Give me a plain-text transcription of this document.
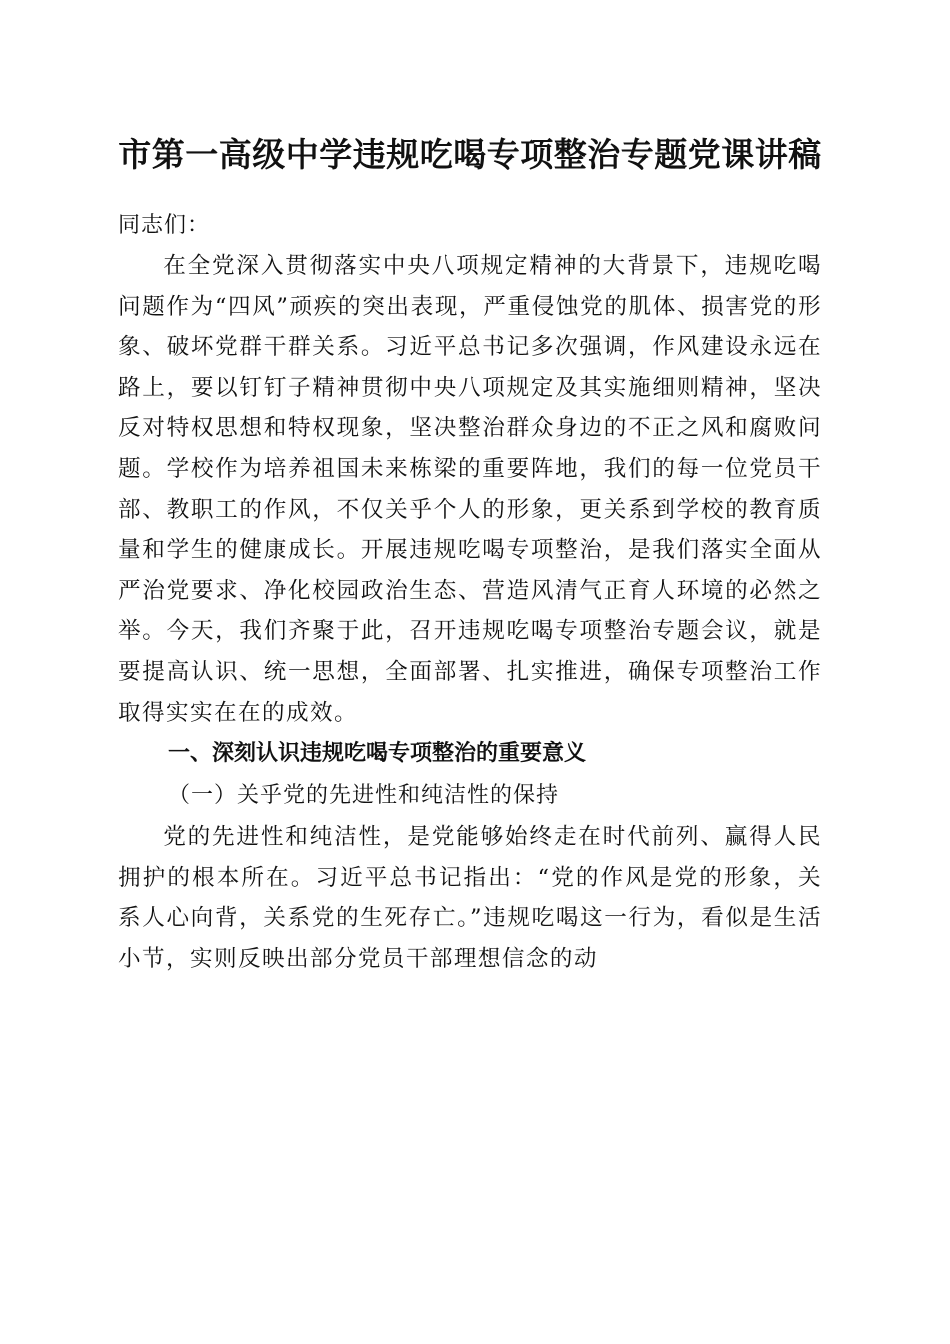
市第一高级中学违规吃喝专项整治专题党课讲稿

同志们：

在全党深入贯彻落实中央八项规定精神的大背景下，违规吃喝问题作为“四风”顽疾的突出表现，严重侵蚀党的肌体、损害党的形象、破坏党群干群关系。习近平总书记多次强调，作风建设永远在路上，要以钉钉子精神贯彻中央八项规定及其实施细则精神，坚决反对特权思想和特权现象，坚决整治群众身边的不正之风和腐败问题。学校作为培养祖国未来栋梁的重要阵地，我们的每一位党员干部、教职工的作风，不仅关乎个人的形象，更关系到学校的教育质量和学生的健康成长。开展违规吃喝专项整治，是我们落实全面从严治党要求、净化校园政治生态、营造风清气正育人环境的必然之举。今天，我们齐聚于此，召开违规吃喝专项整治专题会议，就是要提高认识、统一思想，全面部署、扎实推进，确保专项整治工作取得实实在在的成效。

一、深刻认识违规吃喝专项整治的重要意义

（一）关乎党的先进性和纯洁性的保持

党的先进性和纯洁性，是党能够始终走在时代前列、赢得人民拥护的根本所在。习近平总书记指出：“党的作风是党的形象，关系人心向背，关系党的生死存亡。”违规吃喝这一行为，看似是生活小节，实则反映出部分党员干部理想信念的动
